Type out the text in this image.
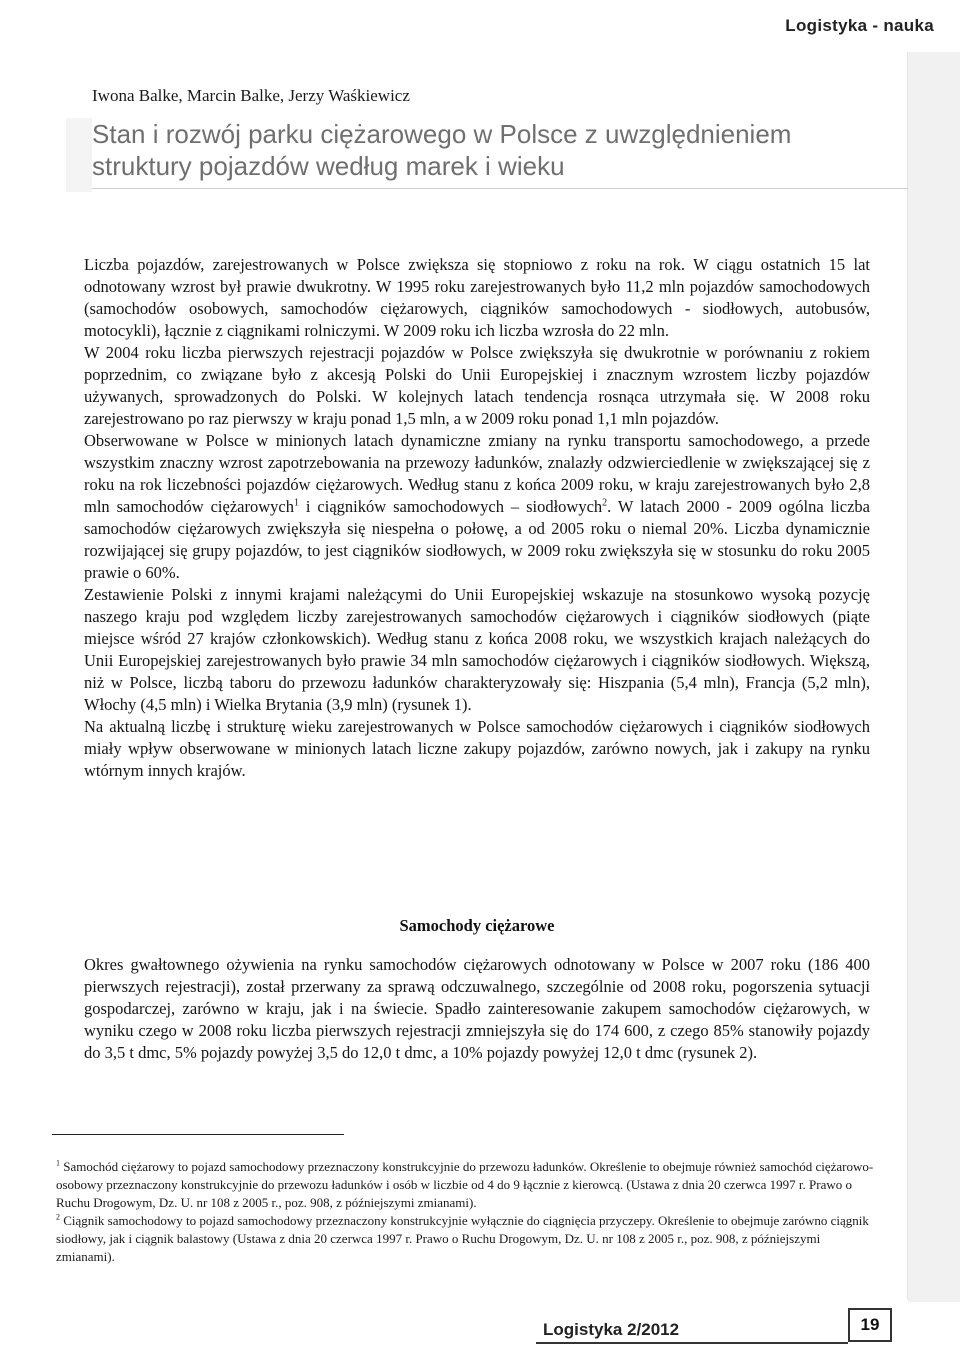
Logistyka - nauka
Iwona Balke, Marcin Balke, Jerzy Waśkiewicz
Stan i rozwój parku ciężarowego w Polsce z uwzględnieniem
struktury pojazdów według marek i wieku

Liczba pojazdów, zarejestrowanych w Polsce zwiększa się stopniowo z roku na rok. W ciągu ostatnich 15 lat odnotowany wzrost był prawie dwukrotny. W 1995 roku zarejestrowanych było 11,2 mln pojazdów samochodowych (samochodów osobowych, samochodów ciężarowych, ciągników samochodowych - siodłowych, autobusów, motocykli), łącznie z ciągnikami rolniczymi. W 2009 roku ich liczba wzrosła do 22 mln.

W 2004 roku liczba pierwszych rejestracji pojazdów w Polsce zwiększyła się dwukrotnie w porównaniu z rokiem poprzednim, co związane było z akcesją Polski do Unii Europejskiej i znacznym wzrostem liczby pojazdów używanych, sprowadzonych do Polski. W kolejnych latach tendencja rosnąca utrzymała się. W 2008 roku zarejestrowano po raz pierwszy w kraju ponad 1,5 mln, a w 2009 roku ponad 1,1 mln pojazdów.

Obserwowane w Polsce w minionych latach dynamiczne zmiany na rynku transportu samochodowego, a przede wszystkim znaczny wzrost zapotrzebowania na przewozy ładunków, znalazły odzwierciedlenie w zwiększającej się z roku na rok liczebności pojazdów ciężarowych. Według stanu z końca 2009 roku, w kraju zarejestrowanych było 2,8 mln samochodów ciężarowych$^1$ i ciągników samochodowych – siodłowych$^2$. W latach 2000 - 2009 ogólna liczba samochodów ciężarowych zwiększyła się niespełna o połowę, a od 2005 roku o niemal 20%. Liczba dynamicznie rozwijającej się grupy pojazdów, to jest ciągników siodłowych, w 2009 roku zwiększyła się w stosunku do roku 2005 prawie o 60%.

Zestawienie Polski z innymi krajami należącymi do Unii Europejskiej wskazuje na stosunkowo wysoką pozycję naszego kraju pod względem liczby zarejestrowanych samochodów ciężarowych i ciągników siodłowych (piąte miejsce wśród 27 krajów członkowskich). Według stanu z końca 2008 roku, we wszystkich krajach należących do Unii Europejskiej zarejestrowanych było prawie 34 mln samochodów ciężarowych i ciągników siodłowych. Większą, niż w Polsce, liczbą taboru do przewozu ładunków charakteryzowały się: Hiszpania (5,4 mln), Francja (5,2 mln), Włochy (4,5 mln) i Wielka Brytania (3,9 mln) (rysunek 1).

Na aktualną liczbę i strukturę wieku zarejestrowanych w Polsce samochodów ciężarowych i ciągników siodłowych miały wpływ obserwowane w minionych latach liczne zakupy pojazdów, zarówno nowych, jak i zakupy na rynku wtórnym innych krajów.

Samochody ciężarowe

Okres gwałtownego ożywienia na rynku samochodów ciężarowych odnotowany w Polsce w 2007 roku (186 400 pierwszych rejestracji), został przerwany za sprawą odczuwalnego, szczególnie od 2008 roku, pogorszenia sytuacji gospodarczej, zarówno w kraju, jak i na świecie. Spadło zainteresowanie zakupem samochodów ciężarowych, w wyniku czego w 2008 roku liczba pierwszych rejestracji zmniejszyła się do 174 600, z czego 85% stanowiły pojazdy do 3,5 t dmc, 5% pojazdy powyżej 3,5 do 12,0 t dmc, a 10% pojazdy powyżej 12,0 t dmc (rysunek 2).

$^1$ Samochód ciężarowy to pojazd samochodowy przeznaczony konstrukcyjnie do przewozu ładunków. Określenie to obejmuje również samochód ciężarowo-osobowy przeznaczony konstrukcyjnie do przewozu ładunków i osób w liczbie od 4 do 9 łącznie z kierowcą. (Ustawa z dnia 20 czerwca 1997 r. Prawo o Ruchu Drogowym, Dz. U. nr 108 z 2005 r., poz. 908, z późniejszymi zmianami).

$^2$ Ciągnik samochodowy to pojazd samochodowy przeznaczony konstrukcyjnie wyłącznie do ciągnięcia przyczepy. Określenie to obejmuje zarówno ciągnik siodłowy, jak i ciągnik balastowy (Ustawa z dnia 20 czerwca 1997 r. Prawo o Ruchu Drogowym, Dz. U. nr 108 z 2005 r., poz. 908, z późniejszymi zmianami).

Logistyka 2/2012	19
